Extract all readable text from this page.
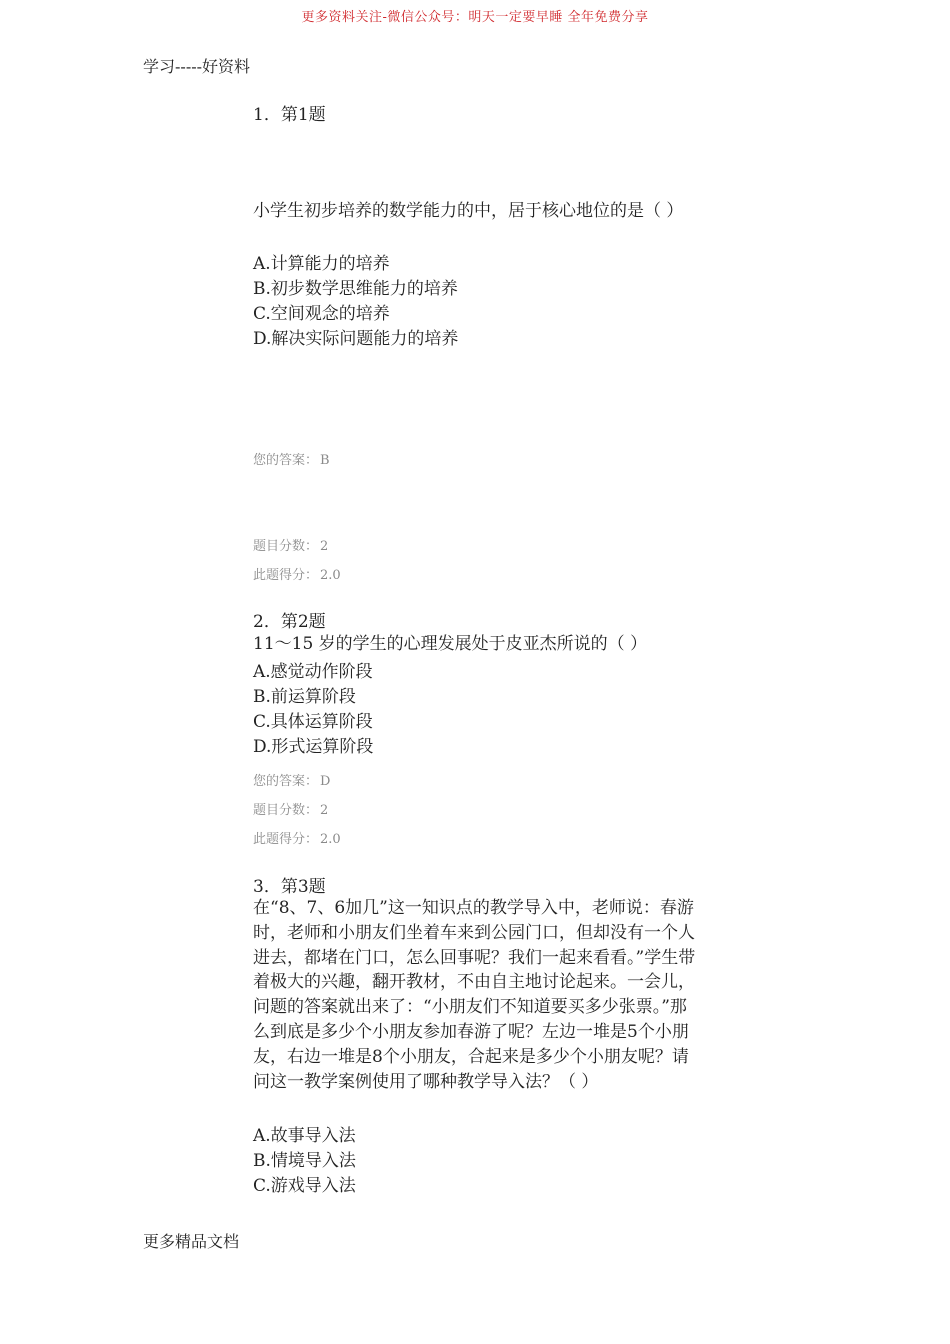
更多资料关注-微信公众号：明天一定要早睡 全年免费分享
学习-----好资料
1．第1题
小学生初步培养的数学能力的中，居于核心地位的是（ ）
A.计算能力的培养
B.初步数学思维能力的培养
C.空间观念的培养
D.解决实际问题能力的培养
您的答案： B
题目分数： 2
此题得分： 2.0
2．第2题
11～15 岁的学生的心理发展处于皮亚杰所说的（ ）
A.感觉动作阶段
B.前运算阶段
C.具体运算阶段
D.形式运算阶段
您的答案： D
题目分数： 2
此题得分： 2.0
3．第3题
在“8、7、6加几”这一知识点的教学导入中，老师说：春游时，老师和小朋友们坐着车来到公园门口，但却没有一个人进去，都堵在门口，怎么回事呢？我们一起来看看。”学生带着极大的兴趣，翻开教材，不由自主地讨论起来。一会儿，问题的答案就出来了：“小朋友们不知道要买多少张票。”那么到底是多少个小朋友参加春游了呢？左边一堆是5个小朋友，右边一堆是8个小朋友，合起来是多少个小朋友呢？请问这一教学案例使用了哪种教学导入法？（ ）
A.故事导入法
B.情境导入法
C.游戏导入法
更多精品文档
